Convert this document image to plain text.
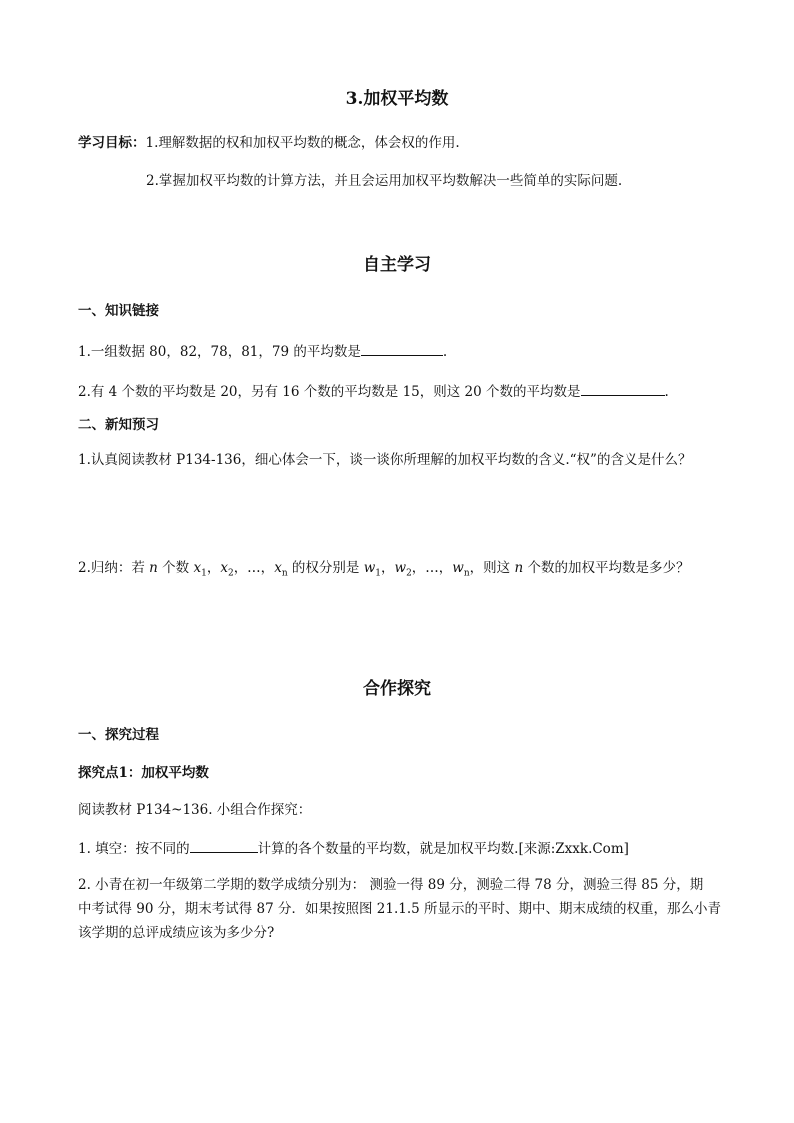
3.加权平均数
学习目标：1.理解数据的权和加权平均数的概念，体会权的作用.
2.掌握加权平均数的计算方法，并且会运用加权平均数解决一些简单的实际问题.
自主学习
一、知识链接
1.一组数据 80，82，78，81，79 的平均数是	.
2.有 4 个数的平均数是 20，另有 16 个数的平均数是 15，则这 20 个数的平均数是	.
二、新知预习
1.认真阅读教材 P134-136，细心体会一下，谈一谈你所理解的加权平均数的含义.“权”的含义是什么？
2.归纳：若 n 个数 $x_1$，$x_2$，…，$x_n$ 的权分别是 $w_1$，$w_2$，…，$w_n$，则这 n 个数的加权平均数是多少？
合作探究
一、探究过程
探究点1：加权平均数
阅读教材 P134~136. 小组合作探究：
1. 填空：按不同的	计算的各个数量的平均数，就是加权平均数.[来源:Zxxk.Com]
2. 小青在初一年级第二学期的数学成绩分别为： 测验一得 89 分，测验二得 78 分，测验三得 85 分，期
中考试得 90 分，期末考试得 87 分．如果按照图 21.1.5 所显示的平时、期中、期末成绩的权重，那么小青
该学期的总评成绩应该为多少分?
